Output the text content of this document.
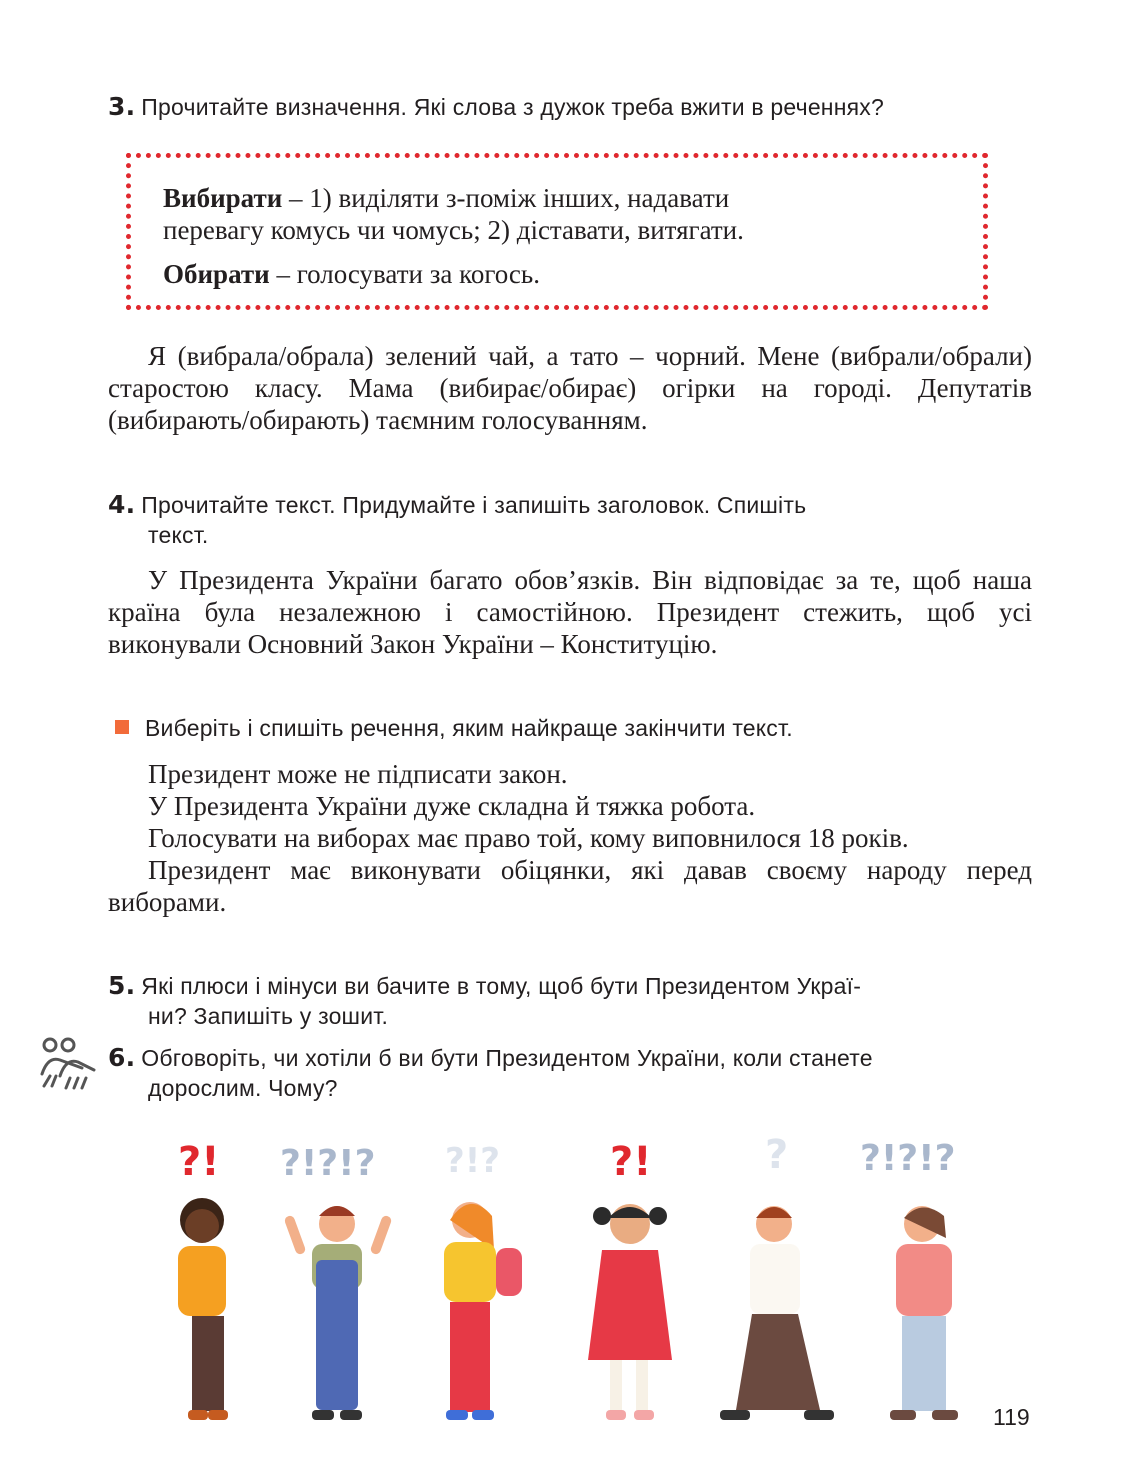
3. Прочитайте визначення. Які слова з дужок треба вжити в реченнях?
Вибирати – 1) виділяти з-поміж інших, надавати
перевагу комусь чи чомусь; 2) діставати, витягати.
Обирати – голосувати за когось.

Я (вибрала/обрала) зелений чай, а тато – чорний. Мене (вибрали/обрали) старостою класу. Мама (вибирає/обирає) огірки на городі. Депутатів (вибирають/обирають) таємним голосуванням.

4. Прочитайте текст. Придумайте і запишіть заголовок. Спишіть
текст.

У Президента України багато обов’язків. Він відповідає за те, щоб наша країна була незалежною і самостійною. Президент стежить, щоб усі виконували Основний Закон України – Конституцію.

Виберіть і спишіть речення, яким найкраще закінчити текст.

Президент може не підписати закон.

У Президента України дуже складна й тяжка робота.

Голосувати на виборах має право той, кому виповнилося 18 років.

Президент має виконувати обіцянки, які давав своєму народу перед виборами.

5. Які плюси і мінуси ви бачите в тому, щоб бути Президентом Украї-
ни? Запишіть у зошит.
6. Обговоріть, чи хотіли б ви бути Президентом України, коли станете
дорослим. Чому?
?! ?!?!? ?!?	?!	? ?!?!?
119
